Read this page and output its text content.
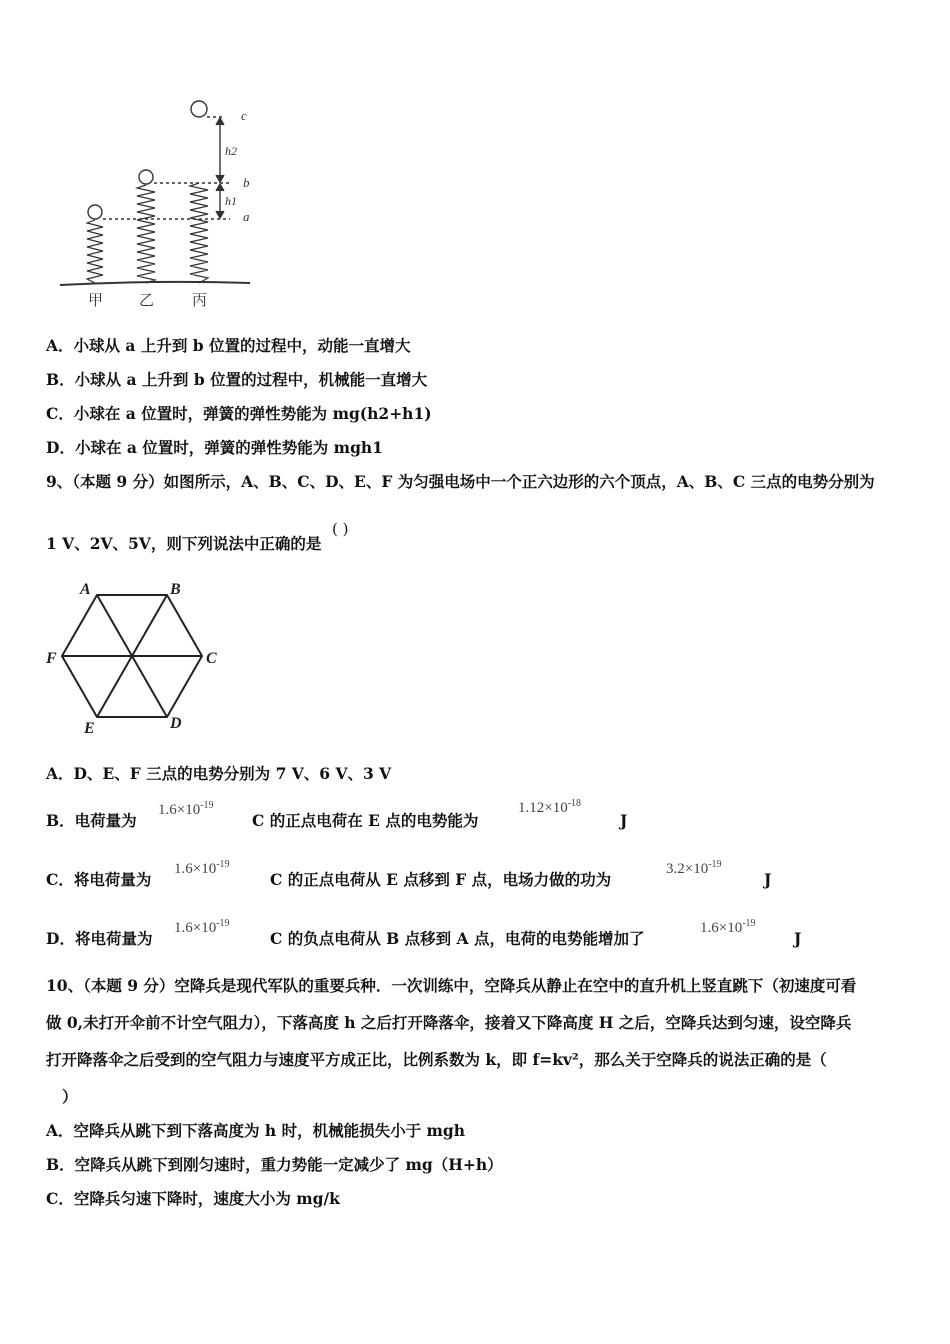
c
b
a
h2
h1
甲 乙	丙
A．小球从 a 上升到 b 位置的过程中，动能一直增大
B．小球从 a 上升到 b 位置的过程中，机械能一直增大
C．小球在 a 位置时，弹簧的弹性势能为 mg(h2+h1)
D．小球在 a 位置时，弹簧的弹性势能为 mgh1
9、（本题 9 分）如图所示，A、B、C、D、E、F 为匀强电场中一个正六边形的六个顶点，A、B、C 三点的电势分别为
1 V、2V、5V，则下列说法中正确的是
( )
A	B
C
D
E
F
A．D、E、F 三点的电势分别为 7 V、6 V、3 V
B．电荷量为
$1.6\times 10^{-19}$
C 的正点电荷在 E 点的电势能为
$1.12\times 10^{-18}$
J
C．将电荷量为
$1.6\times 10^{-19}$
C 的正点电荷从 E 点移到 F 点，电场力做的功为
$3.2\times 10^{-19}$
J
D．将电荷量为
$1.6\times 10^{-19}$
C 的负点电荷从 B 点移到 A 点，电荷的电势能增加了
$1.6\times 10^{-19}$
J
10、（本题 9 分）空降兵是现代军队的重要兵种．一次训练中，空降兵从静止在空中的直升机上竖直跳下（初速度可看
做 0,未打开伞前不计空气阻力），下落高度 h 之后打开降落伞，接着又下降高度 H 之后，空降兵达到匀速，设空降兵
打开降落伞之后受到的空气阻力与速度平方成正比，比例系数为 k，即 f=kv²，那么关于空降兵的说法正确的是（
）
A．空降兵从跳下到下落高度为 h 时，机械能损失小于 mgh
B．空降兵从跳下到刚匀速时，重力势能一定减少了 mg（H+h）
C．空降兵匀速下降时，速度大小为 mg/k
